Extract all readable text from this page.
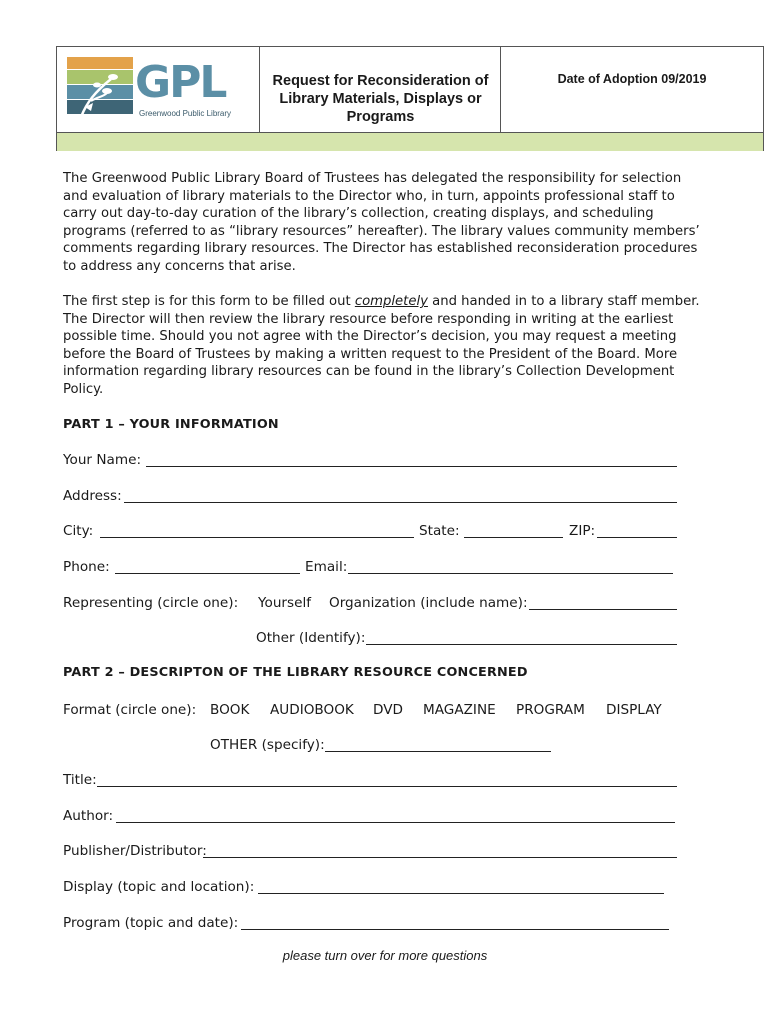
GPL
Greenwood Public Library
Request for Reconsideration of Library Materials, Displays or Programs
Date of Adoption 09/2019
The Greenwood Public Library Board of Trustees has delegated the responsibility for selection and evaluation of library materials to the Director who, in turn, appoints professional staff to carry out day-to-day curation of the library’s collection, creating displays, and scheduling programs (referred to as “library resources” hereafter). The library values community members’ comments regarding library resources. The Director has established reconsideration procedures to address any concerns that arise.
The first step is for this form to be filled out completely and handed in to a library staff member. The Director will then review the library resource before responding in writing at the earliest possible time. Should you not agree with the Director’s decision, you may request a meeting before the Board of Trustees by making a written request to the President of the Board. More information regarding library resources can be found in the library’s Collection Development Policy.
PART 1 – YOUR INFORMATION
Your Name:
Address:
City:	State:	ZIP:
Phone:	Email:
Representing (circle one): Yourself Organization (include name):
Other (Identify):
PART 2 – DESCRIPTON OF THE LIBRARY RESOURCE CONCERNED
Format (circle one): BOOK AUDIOBOOK DVD MAGAZINE PROGRAM DISPLAY
OTHER (specify):
Title:
Author:
Publisher/Distributor:
Display (topic and location):
Program (topic and date):
please turn over for more questions
